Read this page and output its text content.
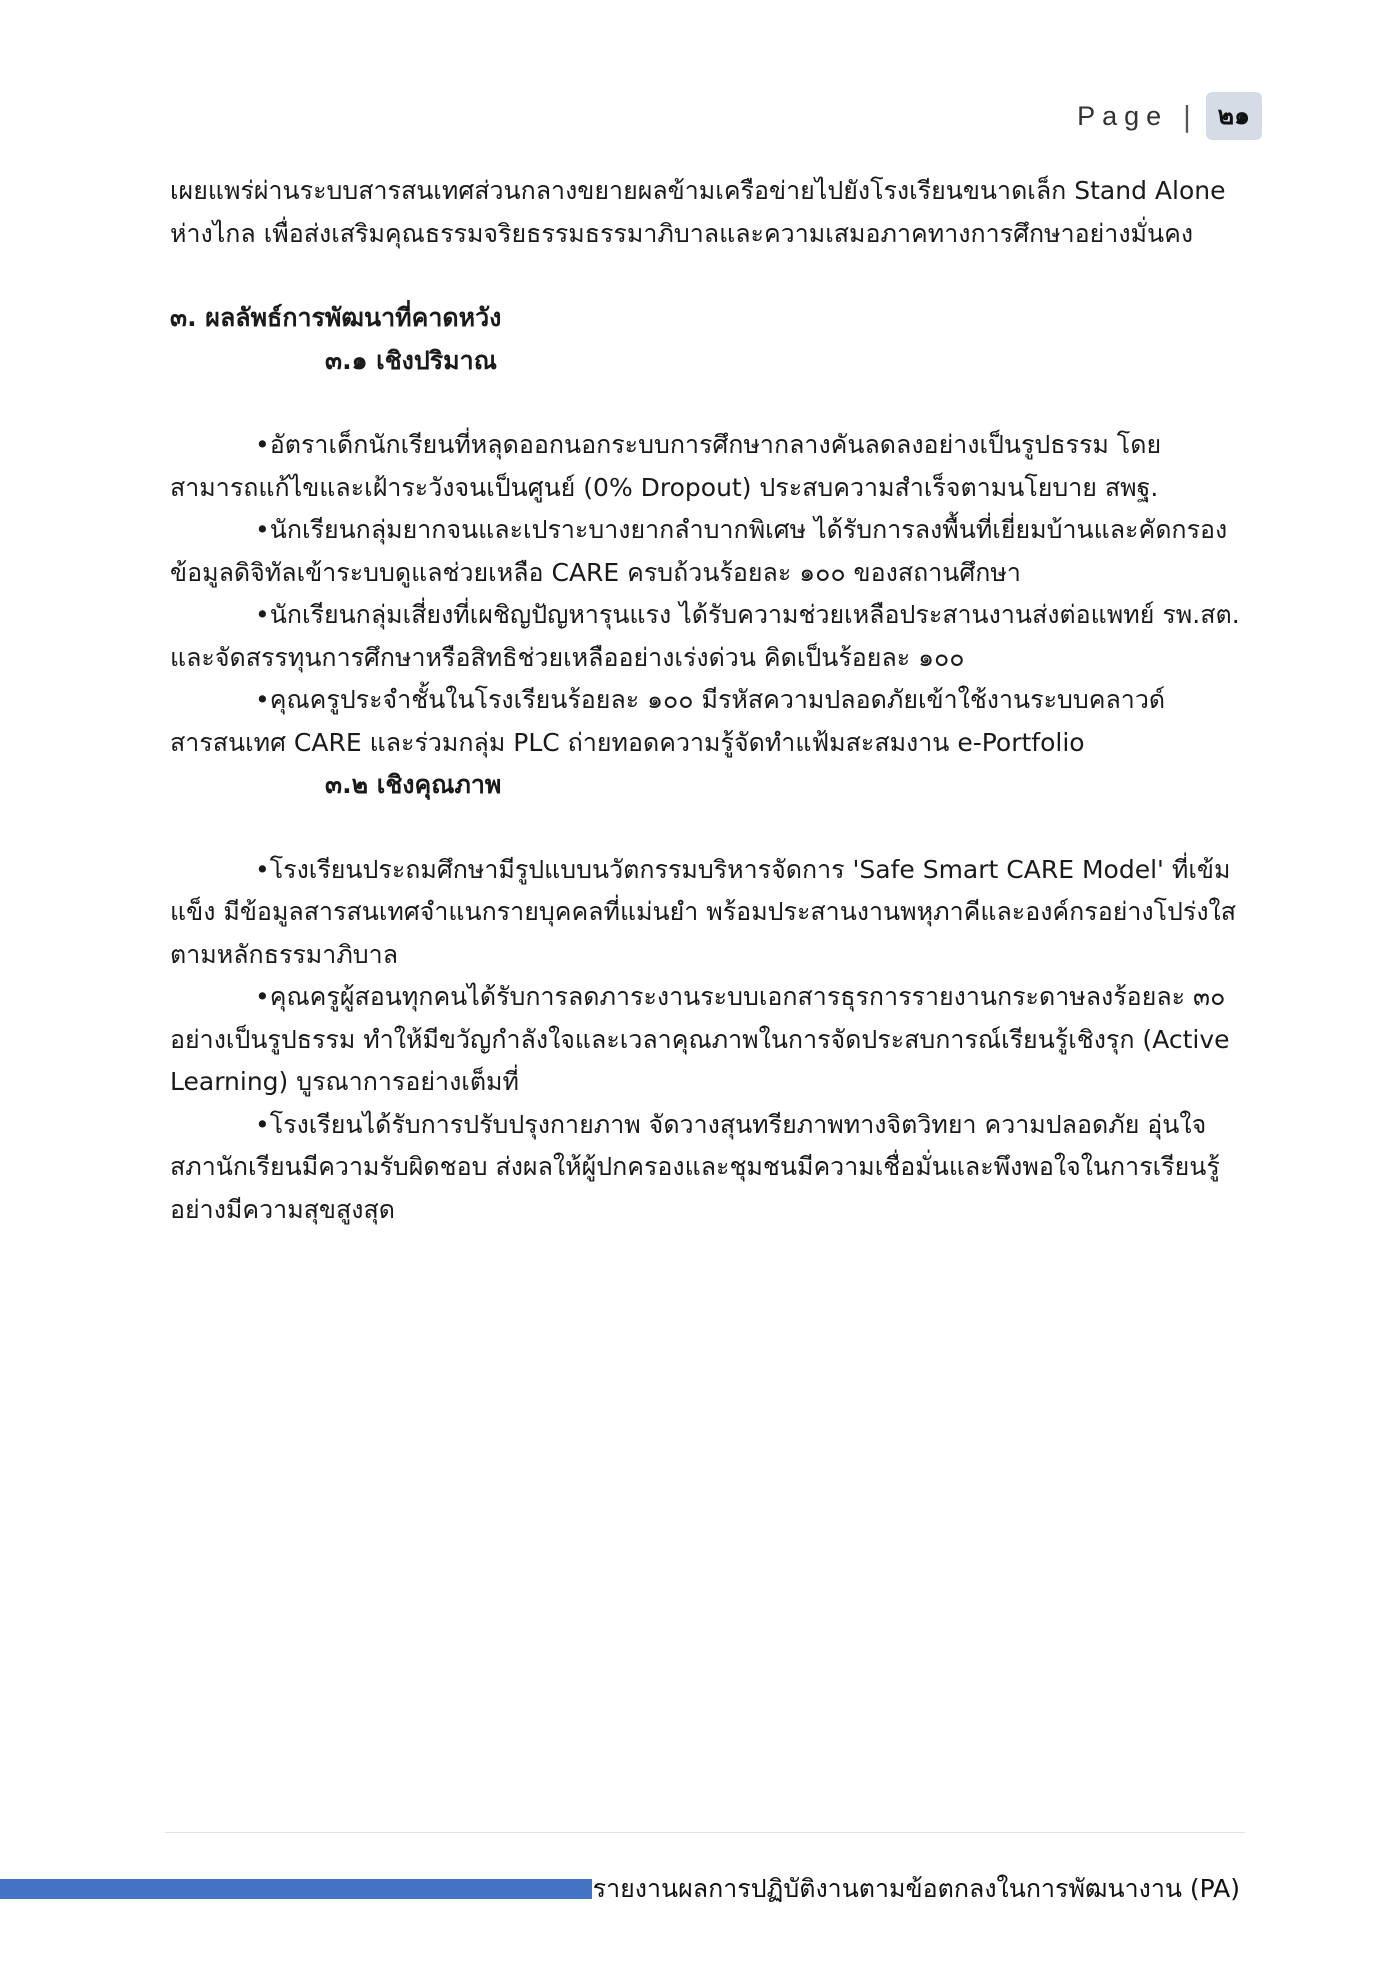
Page |	๒๑

เผยแพร่ผ่านระบบสารสนเทศส่วนกลางขยายผลข้ามเครือข่ายไปยังโรงเรียนขนาดเล็ก Stand Alone ห่างไกล เพื่อส่งเสริมคุณธรรมจริยธรรมธรรมาภิบาลและความเสมอภาคทางการศึกษาอย่างมั่นคง

๓. ผลลัพธ์การพัฒนาที่คาดหวัง

๓.๑ เชิงปริมาณ

•อัตราเด็กนักเรียนที่หลุดออกนอกระบบการศึกษากลางคันลดลงอย่างเป็นรูปธรรม โดยสามารถแก้ไขและเฝ้าระวังจนเป็นศูนย์ (0% Dropout) ประสบความสำเร็จตามนโยบาย สพฐ.

•นักเรียนกลุ่มยากจนและเปราะบางยากลำบากพิเศษ ได้รับการลงพื้นที่เยี่ยมบ้านและคัดกรองข้อมูลดิจิทัลเข้าระบบดูแลช่วยเหลือ CARE ครบถ้วนร้อยละ ๑๐๐ ของสถานศึกษา

•นักเรียนกลุ่มเสี่ยงที่เผชิญปัญหารุนแรง ได้รับความช่วยเหลือประสานงานส่งต่อแพทย์ รพ.สต. และจัดสรรทุนการศึกษาหรือสิทธิช่วยเหลืออย่างเร่งด่วน คิดเป็นร้อยละ ๑๐๐

•คุณครูประจำชั้นในโรงเรียนร้อยละ ๑๐๐ มีรหัสความปลอดภัยเข้าใช้งานระบบคลาวด์สารสนเทศ CARE และร่วมกลุ่ม PLC ถ่ายทอดความรู้จัดทำแฟ้มสะสมงาน e-Portfolio

๓.๒ เชิงคุณภาพ

•โรงเรียนประถมศึกษามีรูปแบบนวัตกรรมบริหารจัดการ 'Safe Smart CARE Model' ที่เข้มแข็ง มีข้อมูลสารสนเทศจำแนกรายบุคคลที่แม่นยำ พร้อมประสานงานพหุภาคีและองค์กรอย่างโปร่งใสตามหลักธรรมาภิบาล

•คุณครูผู้สอนทุกคนได้รับการลดภาระงานระบบเอกสารธุรการรายงานกระดาษลงร้อยละ ๓๐ อย่างเป็นรูปธรรม ทำให้มีขวัญกำลังใจและเวลาคุณภาพในการจัดประสบการณ์เรียนรู้เชิงรุก (Active Learning) บูรณาการอย่างเต็มที่

•โรงเรียนได้รับการปรับปรุงกายภาพ จัดวางสุนทรียภาพทางจิตวิทยา ความปลอดภัย อุ่นใจ สภานักเรียนมีความรับผิดชอบ ส่งผลให้ผู้ปกครองและชุมชนมีความเชื่อมั่นและพึงพอใจในการเรียนรู้อย่างมีความสุขสูงสุด

รายงานผลการปฏิบัติงานตามข้อตกลงในการพัฒนางาน (PA)
